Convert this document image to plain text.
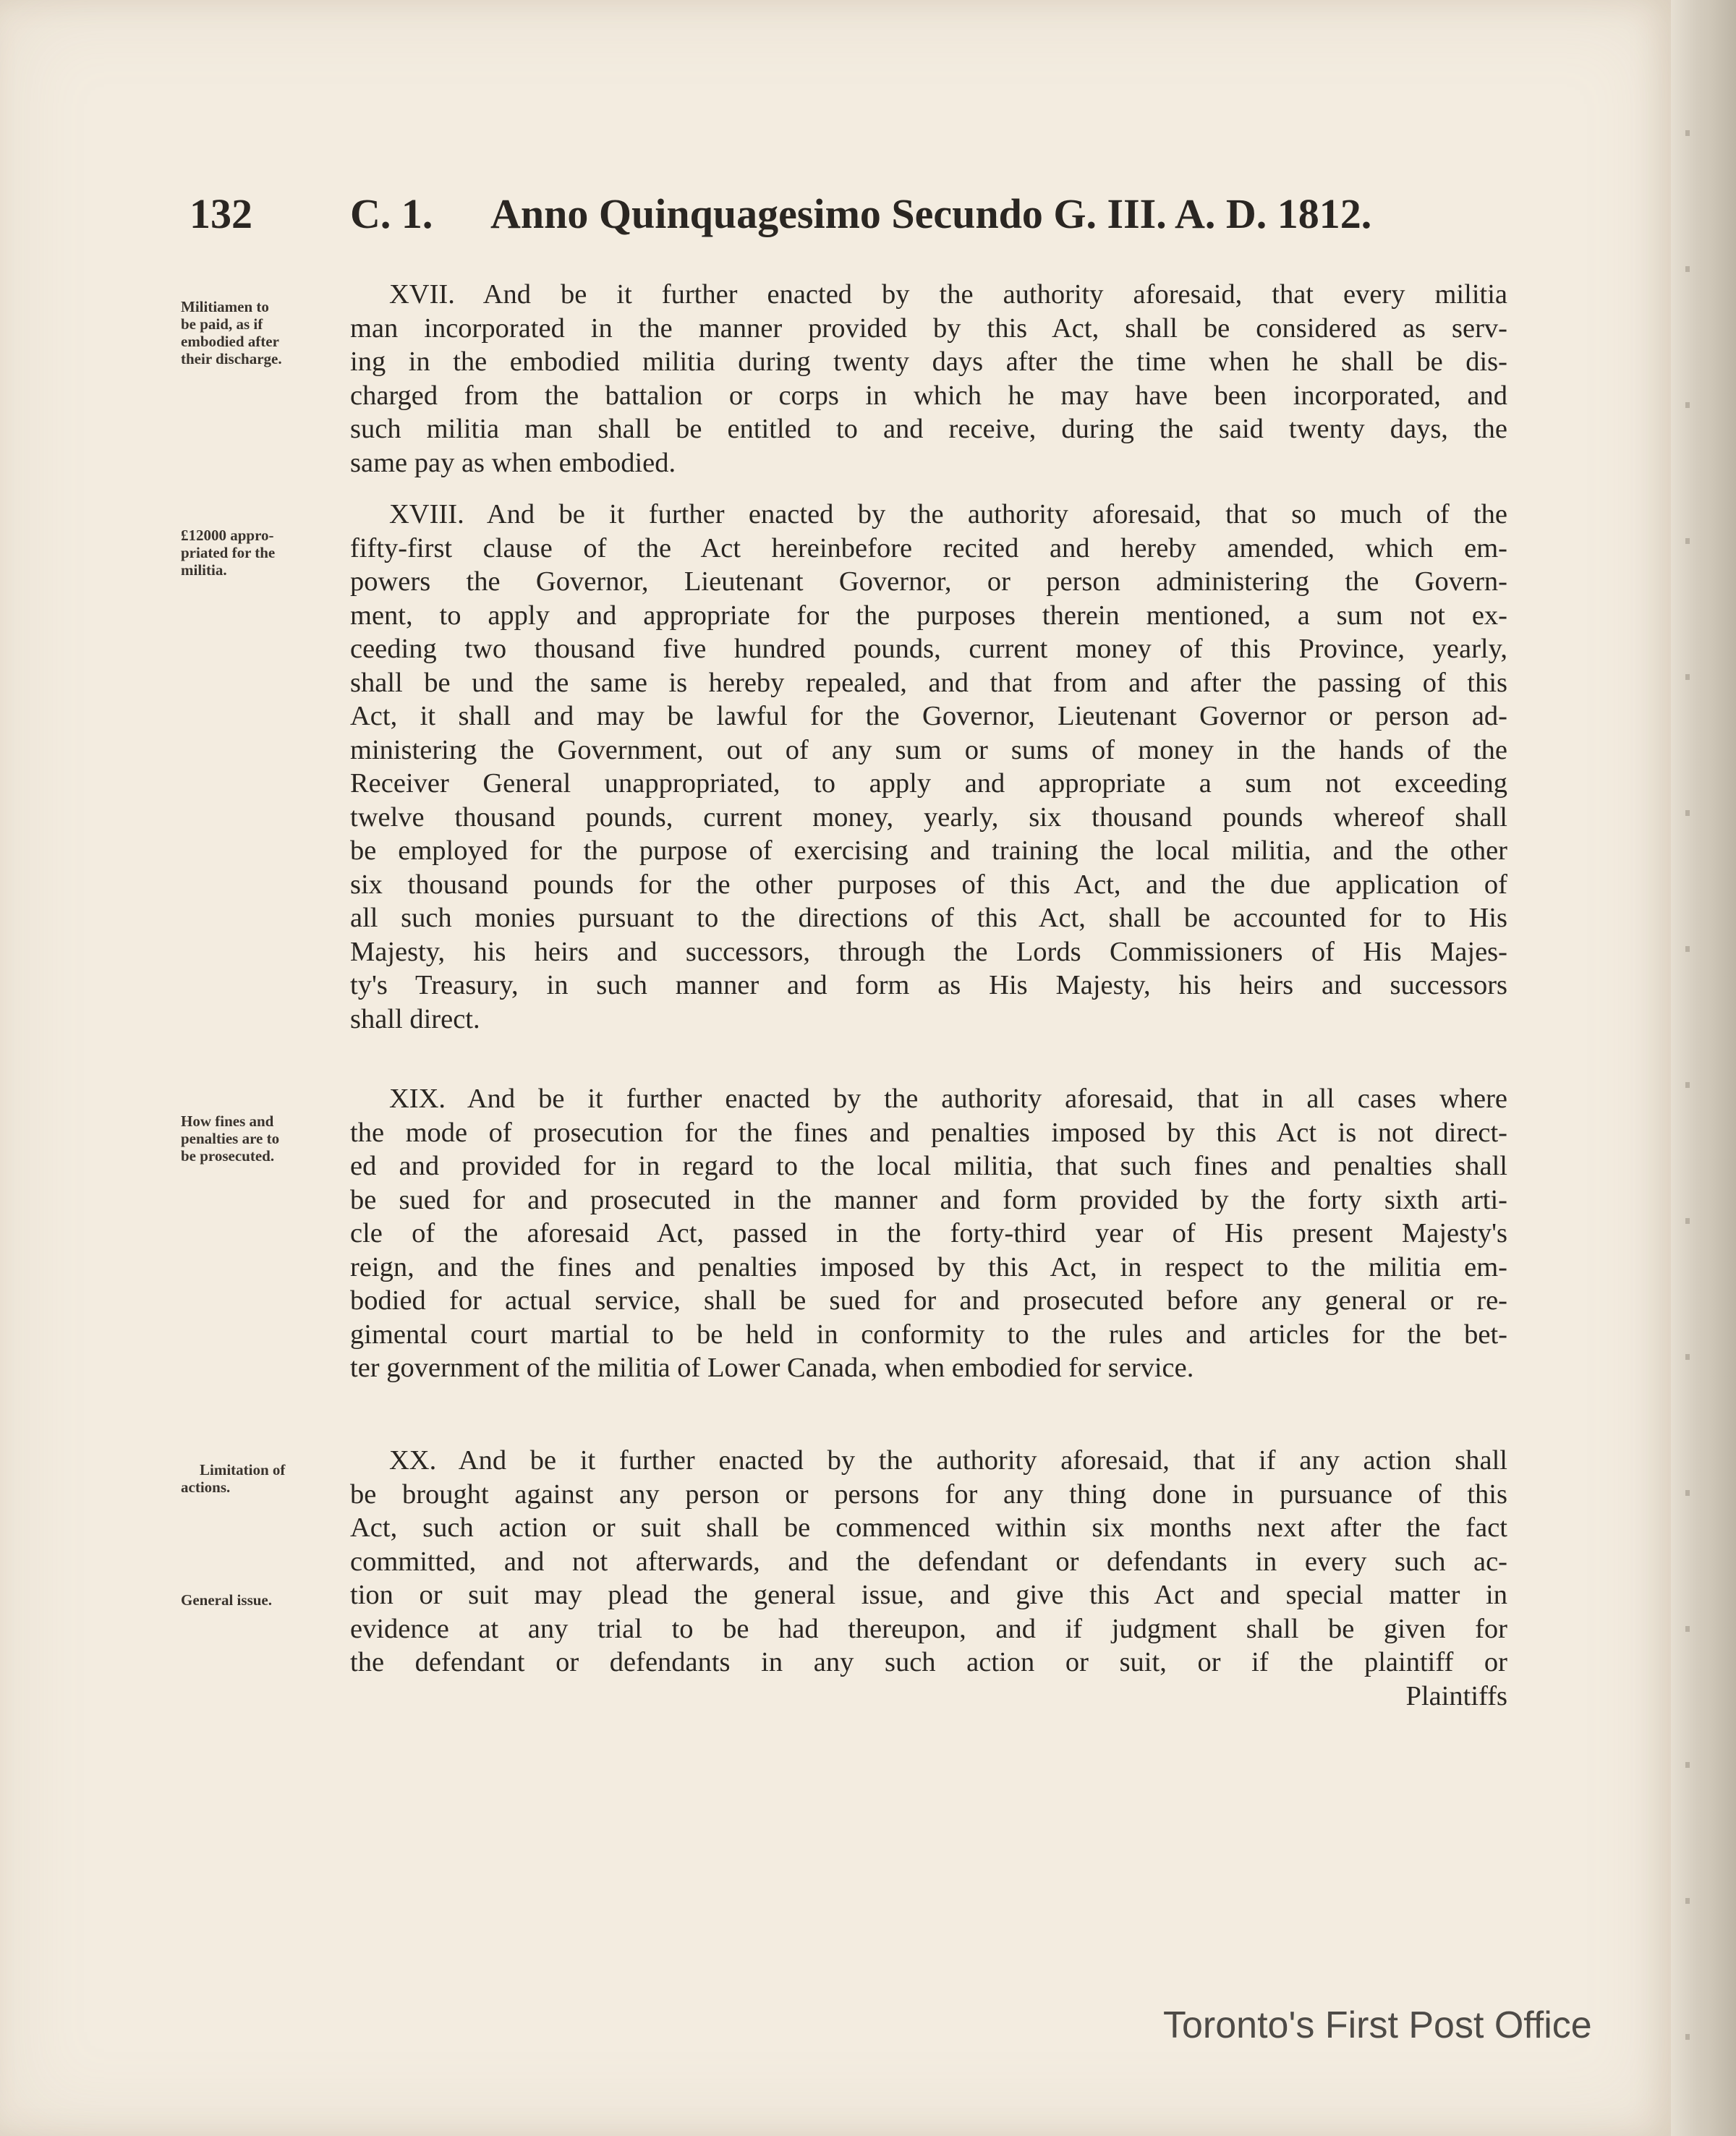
132 C. 1. Anno Quinquagesimo Secundo G. III. A. D. 1812.
Militiamen to
be paid, as if
embodied after
their discharge.
XVII. And be it further enacted by the authority aforesaid, that every militia
man incorporated in the manner provided by this Act, shall be considered as serv-
ing in the embodied militia during twenty days after the time when he shall be dis-
charged from the battalion or corps in which he may have been incorporated, and
such militia man shall be entitled to and receive, during the said twenty days, the
same pay as when embodied.
£12000 appro-
priated for the
militia.
XVIII. And be it further enacted by the authority aforesaid, that so much of the
fifty-first clause of the Act hereinbefore recited and hereby amended, which em-
powers the Governor, Lieutenant Governor, or person administering the Govern-
ment, to apply and appropriate for the purposes therein mentioned, a sum not ex-
ceeding two thousand five hundred pounds, current money of this Province, yearly,
shall be und the same is hereby repealed, and that from and after the passing of this
Act, it shall and may be lawful for the Governor, Lieutenant Governor or person ad-
ministering the Government, out of any sum or sums of money in the hands of the
Receiver General unappropriated, to apply and appropriate a sum not exceeding
twelve thousand pounds, current money, yearly, six thousand pounds whereof shall
be employed for the purpose of exercising and training the local militia, and the other
six thousand pounds for the other purposes of this Act, and the due application of
all such monies pursuant to the directions of this Act, shall be accounted for to His
Majesty, his heirs and successors, through the Lords Commissioners of His Majes-
ty's Treasury, in such manner and form as His Majesty, his heirs and successors
shall direct.
How fines and
penalties are to
be prosecuted.
XIX. And be it further enacted by the authority aforesaid, that in all cases where
the mode of prosecution for the fines and penalties imposed by this Act is not direct-
ed and provided for in regard to the local militia, that such fines and penalties shall
be sued for and prosecuted in the manner and form provided by the forty sixth arti-
cle of the aforesaid Act, passed in the forty-third year of His present Majesty's
reign, and the fines and penalties imposed by this Act, in respect to the militia em-
bodied for actual service, shall be sued for and prosecuted before any general or re-
gimental court martial to be held in conformity to the rules and articles for the bet-
ter government of the militia of Lower Canada, when embodied for service.
Limitation of
actions.
General issue.
XX. And be it further enacted by the authority aforesaid, that if any action shall
be brought against any person or persons for any thing done in pursuance of this
Act, such action or suit shall be commenced within six months next after the fact
committed, and not afterwards, and the defendant or defendants in every such ac-
tion or suit may plead the general issue, and give this Act and special matter in
evidence at any trial to be had thereupon, and if judgment shall be given for
the defendant or defendants in any such action or suit, or if the plaintiff or
Plaintiffs
Toronto's First Post Office
